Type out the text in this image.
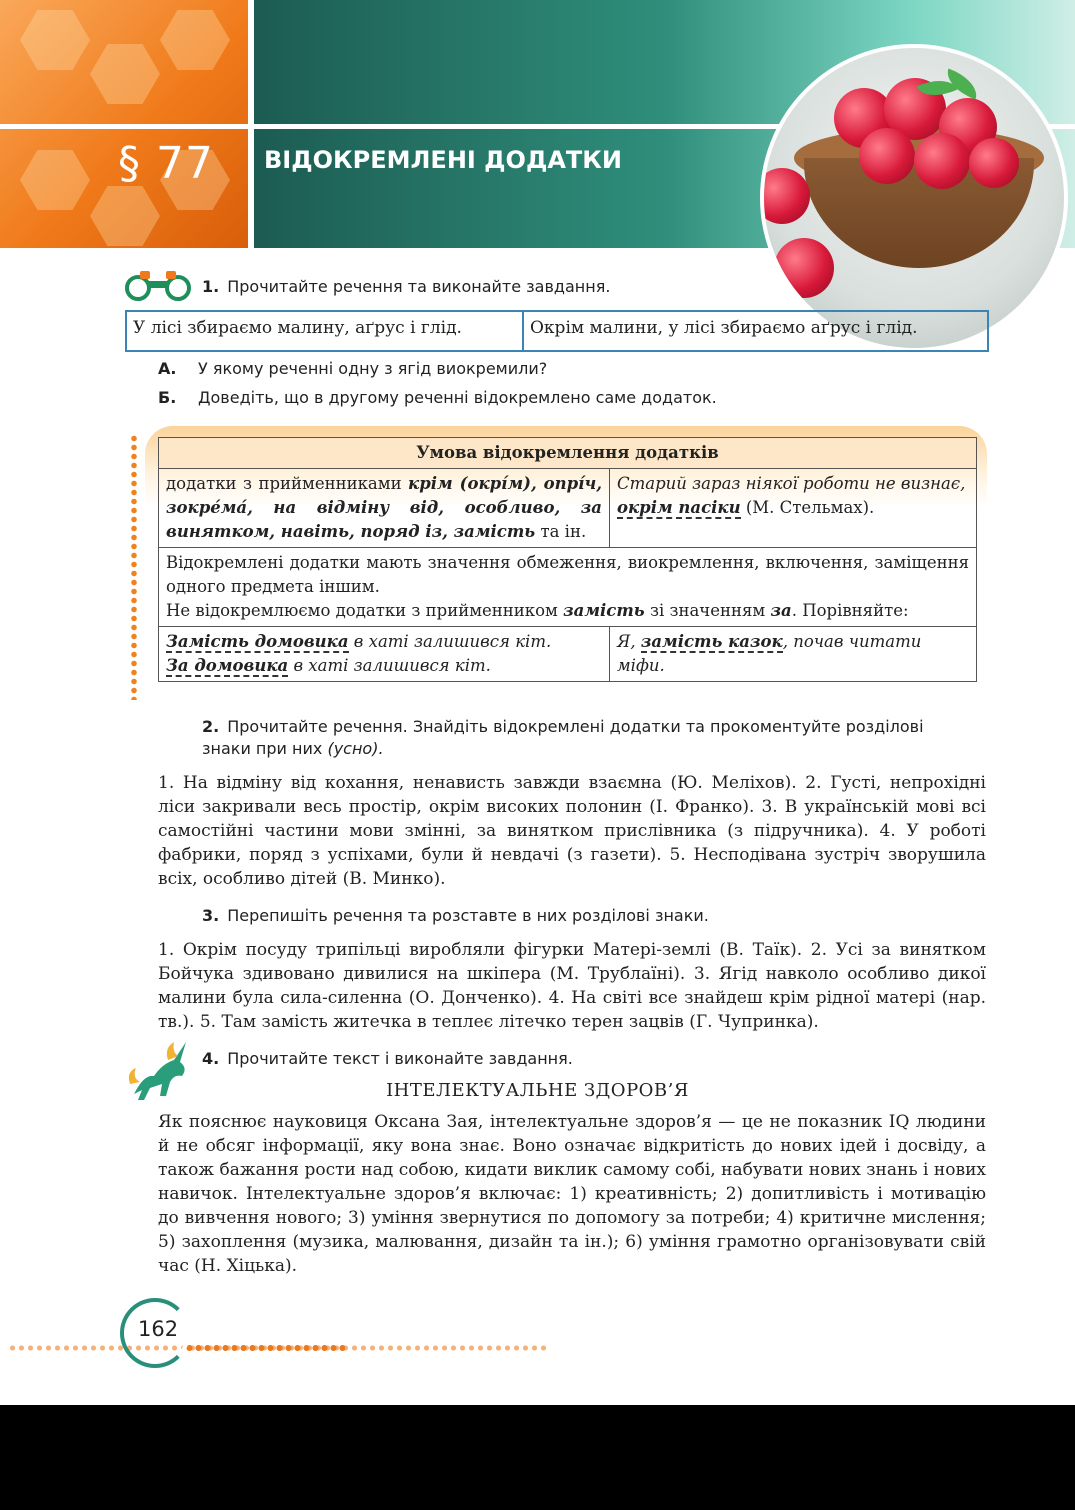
§ 77 ВІДОКРЕМЛЕНІ ДОДАТКИ
1. Прочитайте речення та виконайте завдання.
У лісі збираємо малину, аґрус і глід.	Окрім малини, у лісі збираємо аґрус і глід.
А. У якому реченні одну з ягід виокремили?
Б. Доведіть, що в другому реченні відокремлено саме додаток.
Умова відокремлення додатків	
додатки з прийменниками крім (окрі́м), опрі́ч, зокре́ма́, на відміну від, особливо, за винятком, навіть, поряд із, замість та ін.	Старий зараз ніякої роботи не визнає, окрім пасіки (М. Стельмах).
Відокремлені додатки мають значення обмеження, виокремлення, включення, заміщення одного предмета іншим.
Не відокремлюємо додатки з прийменником замість зі значенням за. Порівняйте:	
Замість домовика в хаті залишився кіт.
За домовика в хаті залишився кіт.	Я, замість казок, почав читати міфи.
2. Прочитайте речення. Знайдіть відокремлені додатки та прокоментуйте розділові знаки при них (усно).
1. На відміну від кохання, ненависть завжди взаємна (Ю. Меліхов). 2. Густі, непрохідні ліси закривали весь простір, окрім високих полонин (І. Франко). 3. В українській мові всі самостійні частини мови змінні, за винятком прислівника (з підручника). 4. У роботі фабрики, поряд з успіхами, були й невдачі (з газети). 5. Несподівана зустріч зворушила всіх, особливо дітей (В. Минко).
3. Перепишіть речення та розставте в них розділові знаки.
1. Окрім посуду трипільці виробляли фігурки Матері-землі (В. Таїк). 2. Усі за винятком Бойчука здивовано дивилися на шкіпера (М. Трублаїні). 3. Ягід навколо особливо дикої малини була сила-силенна (О. Донченко). 4. На світі все знайдеш крім рідної матері (нар. тв.). 5. Там замість житечка в теплеє літечко терен зацвів (Г. Чупринка).
4. Прочитайте текст і виконайте завдання.
ІНТЕЛЕКТУАЛЬНЕ ЗДОРОВ’Я
Як пояснює науковиця Оксана Зая, інтелектуальне здоров’я — це не показник IQ людини й не обсяг інформації, яку вона знає. Воно означає відкритість до нових ідей і досвіду, а також бажання рости над собою, кидати виклик самому собі, набувати нових знань і нових навичок. Інтелектуальне здоров’я включає: 1) креативність; 2) допитливість і мотивацію до вивчення нового; 3) уміння звернутися по допомогу за потреби; 4) критичне мислення; 5) захоплення (музика, малювання, дизайн та ін.); 6) уміння грамотно організовувати свій час (Н. Хіцька).
162
